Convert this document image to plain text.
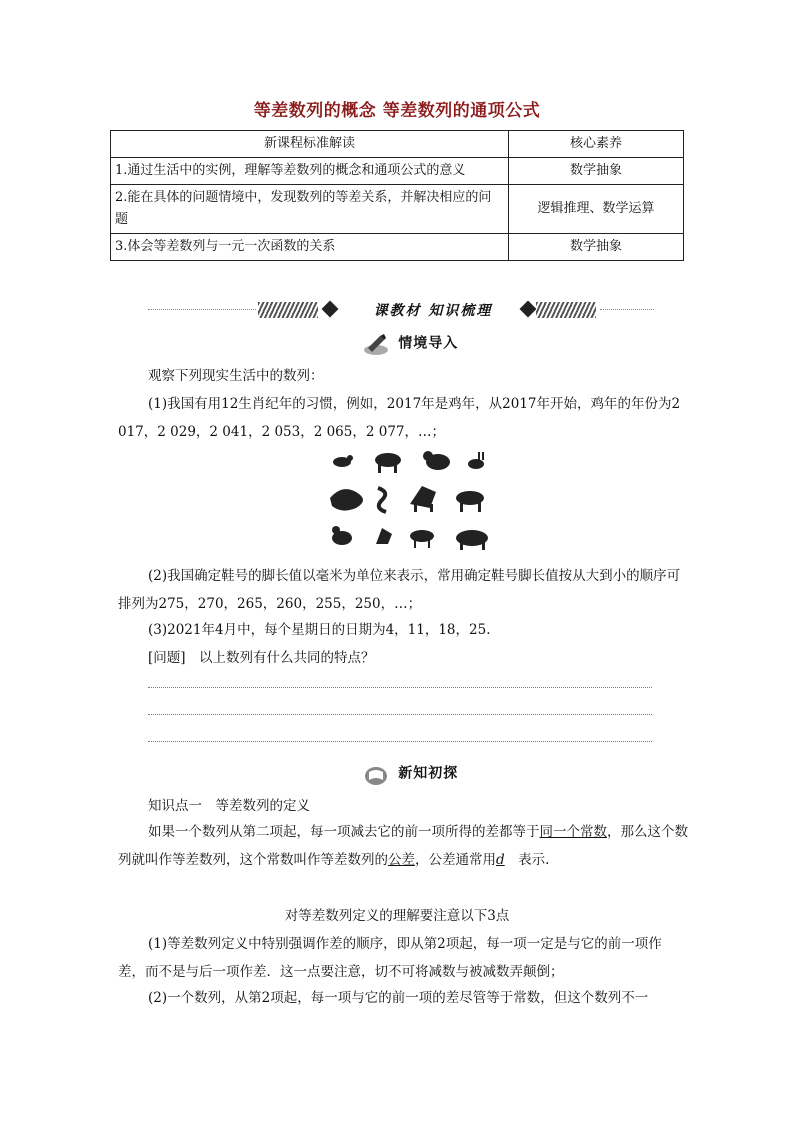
等差数列的概念 等差数列的通项公式
新课程标准解读	核心素养
1.通过生活中的实例，理解等差数列的概念和通项公式的意义	数学抽象
2.能在具体的问题情境中，发现数列的等差关系，并解决相应的问题	逻辑推理、数学运算
3.体会等差数列与一元一次函数的关系	数学抽象
课教材 知识梳理
情境导入
观察下列现实生活中的数列：
(1)我国有用12生肖纪年的习惯，例如，2017年是鸡年，从2017年开始，鸡年的年份为2 017，2 029，2 041，2 053，2 065，2 077，…；
(2)我国确定鞋号的脚长值以毫米为单位来表示，常用确定鞋号脚长值按从大到小的顺序可排列为275，270，265，260，255，250，…；
(3)2021年4月中，每个星期日的日期为4，11，18，25.
[问题]　以上数列有什么共同的特点？
新知初探
知识点一　等差数列的定义
如果一个数列从第二项起，每一项减去它的前一项所得的差都等于同一个常数，那么这个数列就叫作等差数列，这个常数叫作等差数列的公差，公差通常用d　表示.
对等差数列定义的理解要注意以下3点
(1)等差数列定义中特别强调作差的顺序，即从第2项起，每一项一定是与它的前一项作差，而不是与后一项作差．这一点要注意，切不可将减数与被减数弄颠倒；
(2)一个数列，从第2项起，每一项与它的前一项的差尽管等于常数，但这个数列不一
